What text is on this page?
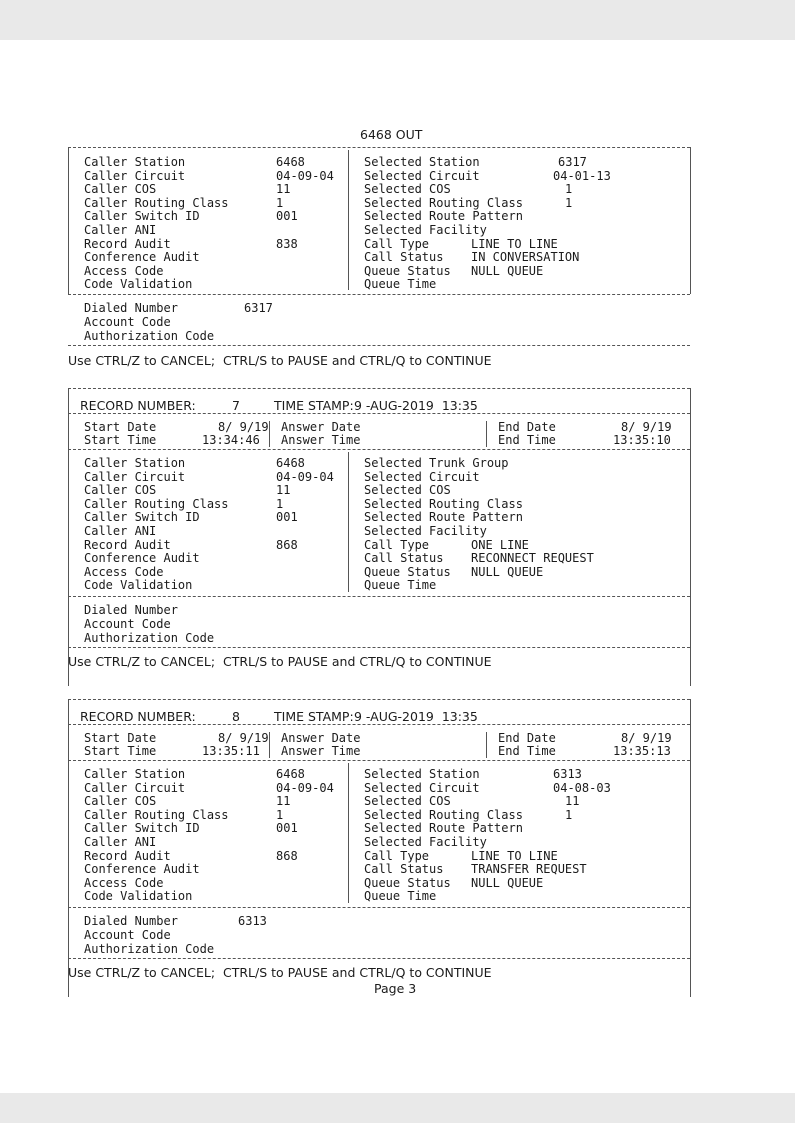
6468 OUT
Caller Station	6468
Caller Circuit	04-09-04
Caller COS	11
Caller Routing Class	1
Caller Switch ID	001
Caller ANI
Record Audit	838
Conference Audit
Access Code
Code Validation
Selected Station	6317
Selected Circuit	04-01-13
Selected COS	1
Selected Routing Class	1
Selected Route Pattern
Selected Facility
Call Type	LINE TO LINE
Call Status IN CONVERSATION
Queue Status NULL QUEUE
Queue Time
Dialed Number	6317
Account Code
Authorization Code
Use CTRL/Z to CANCEL;  CTRL/S to PAUSE and CTRL/Q to CONTINUE
RECORD NUMBER:	7	TIME STAMP: 9 -AUG-2019  13:35
Start Date	8/ 9/19
Start Time	13:34:46
Answer Date
Answer Time
End Date	8/ 9/19
End Time	13:35:10
Caller Station	6468
Caller Circuit	04-09-04
Caller COS	11
Caller Routing Class	1
Caller Switch ID	001
Caller ANI
Record Audit	868
Conference Audit
Access Code
Code Validation
Selected Trunk Group
Selected Circuit
Selected COS
Selected Routing Class
Selected Route Pattern
Selected Facility
Call Type	ONE LINE
Call Status RECONNECT REQUEST
Queue Status NULL QUEUE
Queue Time
Dialed Number
Account Code
Authorization Code
Use CTRL/Z to CANCEL;  CTRL/S to PAUSE and CTRL/Q to CONTINUE
RECORD NUMBER:	8	TIME STAMP: 9 -AUG-2019  13:35
Start Date	8/ 9/19
Start Time	13:35:11
Answer Date
Answer Time
End Date	8/ 9/19
End Time	13:35:13
Caller Station	6468
Caller Circuit	04-09-04
Caller COS	11
Caller Routing Class	1
Caller Switch ID	001
Caller ANI
Record Audit	868
Conference Audit
Access Code
Code Validation
Selected Station	6313
Selected Circuit	04-08-03
Selected COS	11
Selected Routing Class	1
Selected Route Pattern
Selected Facility
Call Type	LINE TO LINE
Call Status TRANSFER REQUEST
Queue Status NULL QUEUE
Queue Time
Dialed Number	6313
Account Code
Authorization Code
Use CTRL/Z to CANCEL;  CTRL/S to PAUSE and CTRL/Q to CONTINUE
Page 3
